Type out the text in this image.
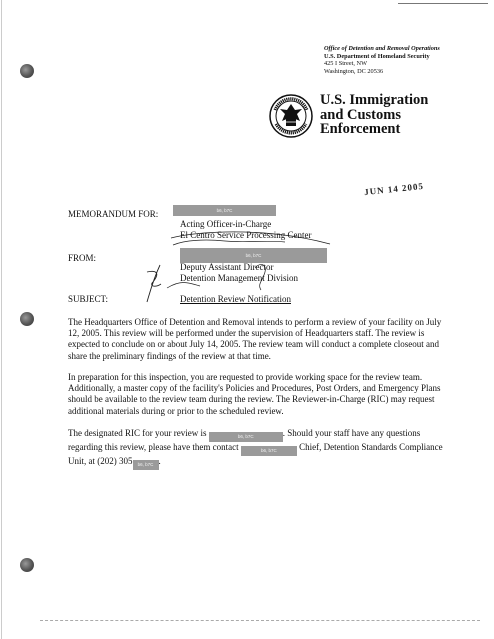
Office of Detention and Removal Operations
U.S. Department of Homeland Security
425 I Street, NW
Washington, DC 20536
U.S. Immigration
and Customs
Enforcement
JUN 14 2005
MEMORANDUM FOR:	b6, b7C
Acting Officer-in-Charge
El Centro Service Processing Center
FROM:	b6, b7C
Deputy Assistant Director
Detention Management Division
SUBJECT:	Detention Review Notification

The Headquarters Office of Detention and Removal intends to perform a review of your facility on July 12, 2005. This review will be performed under the supervision of Headquarters staff. The review is expected to conclude on or about July 14, 2005. The review team will conduct a complete closeout and share the preliminary findings of the review at that time.

In preparation for this inspection, you are requested to provide working space for the review team. Additionally, a master copy of the facility's Policies and Procedures, Post Orders, and Emergency Plans should be available to the review team during the review. The Reviewer-in-Charge (RIC) may request additional materials during or prior to the scheduled review.

The designated RIC for your review is	b6, b7C	. Should your staff have any questions regarding this review, please have them contact	b6, b7C Chief, Detention Standards Compliance Unit, at (202) 305 b6, b7C .
